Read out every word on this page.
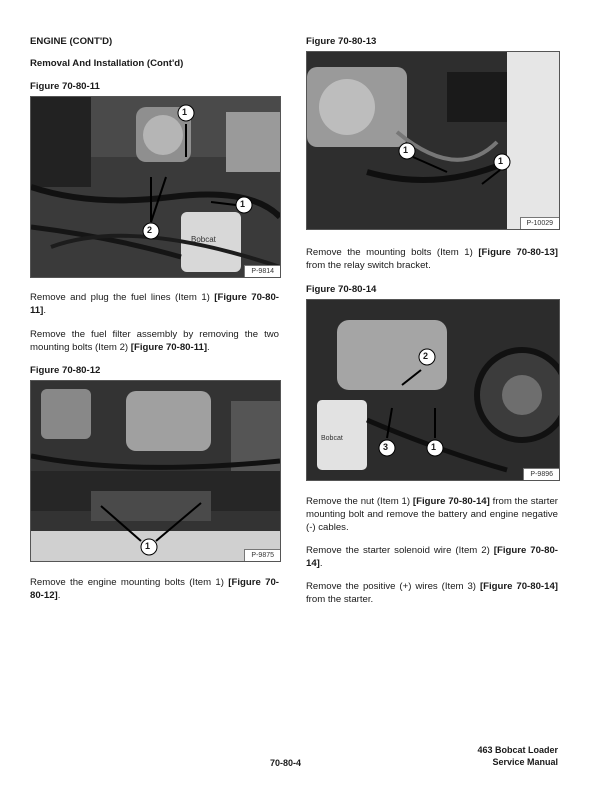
ENGINE (CONT'D)
Removal And Installation (Cont'd)
Figure 70-80-11
Bobcat
1
1
2
P-9814
Remove and plug the fuel lines (Item 1) [Figure 70-80-11].
Remove the fuel filter assembly by removing the two mounting bolts (Item 2) [Figure 70-80-11].
Figure 70-80-12
1
P-9875
Remove the engine mounting bolts (Item 1) [Figure 70-80-12].
Figure 70-80-13
1
1
P-10029
Remove the mounting bolts (Item 1) [Figure 70-80-13] from the relay switch bracket.
Figure 70-80-14
Bobcat
2
3	1
P-9896
Remove the nut (Item 1) [Figure 70-80-14] from the starter mounting bolt and remove the battery and engine negative (-) cables.
Remove the starter solenoid wire (Item 2) [Figure 70-80-14].
Remove the positive (+) wires (Item 3) [Figure 70-80-14] from the starter.
70-80-4
463 Bobcat Loader
Service Manual
